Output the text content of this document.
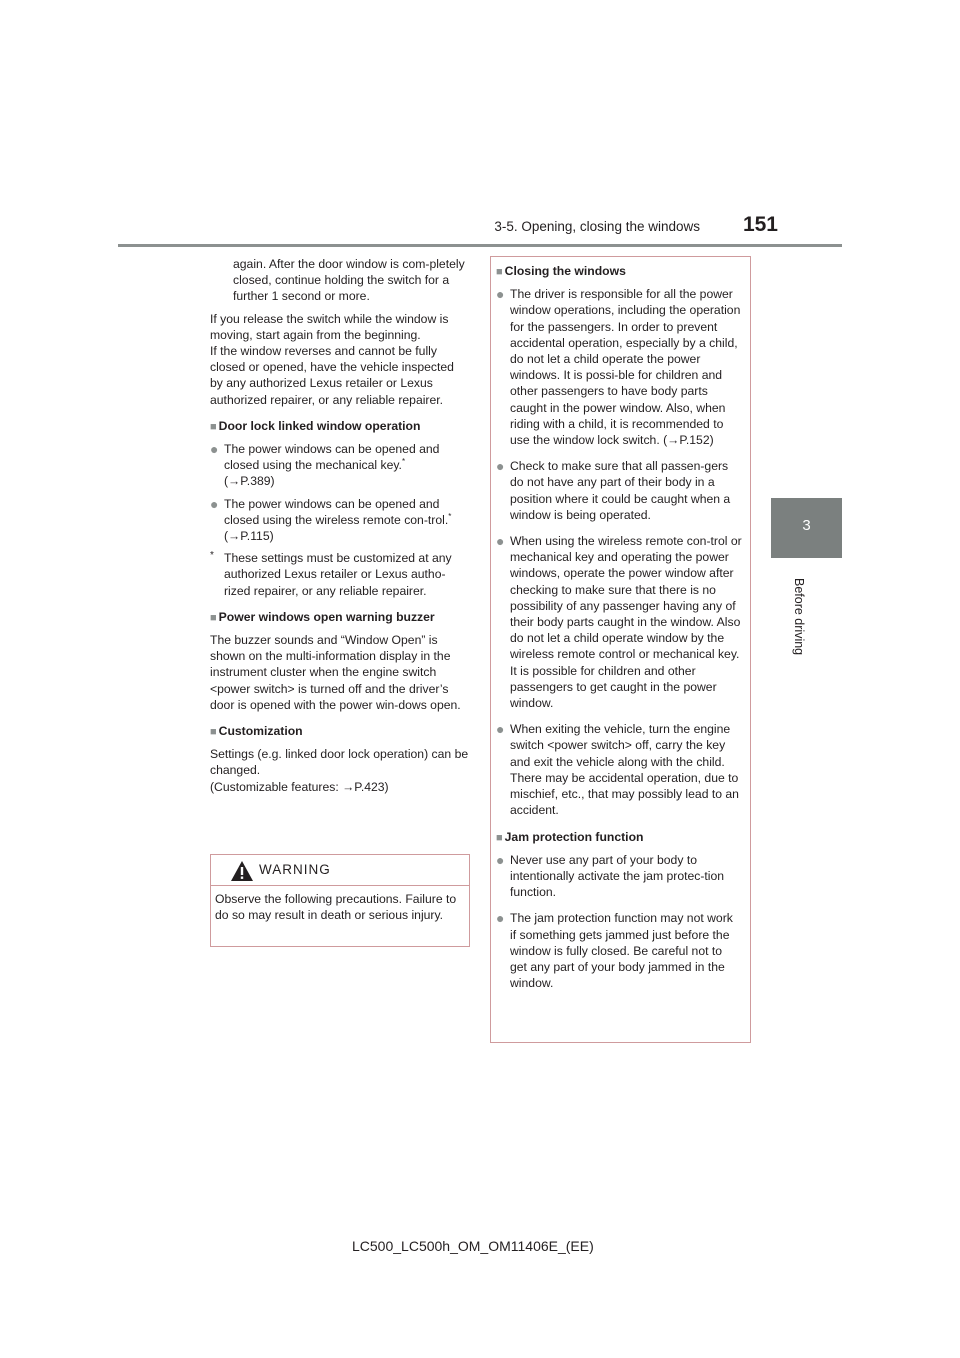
3-5. Opening, closing the windows 151
3
Before driving

again. After the door window is com-pletely closed, continue holding the switch for a further 1 second or more.

If you release the switch while the window is moving, start again from the beginning.

If the window reverses and cannot be fully closed or opened, have the vehicle inspected by any authorized Lexus retailer or Lexus authorized repairer, or any reliable repairer.

■ Door lock linked window operation

● The power windows can be opened and closed using the mechanical key.*
(→P.389)
● The power windows can be opened and closed using the wireless remote con-trol.* (→P.115)
* These settings must be customized at any authorized Lexus retailer or Lexus autho-rized repairer, or any reliable repairer.

■ Power windows open warning buzzer

The buzzer sounds and “Window Open” is shown on the multi-information display in the instrument cluster when the engine switch <power switch> is turned off and the driver’s door is opened with the power win-dows open.

■ Customization

Settings (e.g. linked door lock operation) can be changed.

(Customizable features: →P.423)

WARNING
Observe the following precautions. Failure to do so may result in death or serious injury.

■ Closing the windows

● The driver is responsible for all the power window operations, including the operation for the passengers. In order to prevent accidental operation, especially by a child, do not let a child operate the power windows. It is possi-ble for children and other passengers to have body parts caught in the power window. Also, when riding with a child, it is recommended to use the window lock switch. (→P.152)
● Check to make sure that all passen-gers do not have any part of their body in a position where it could be caught when a window is being operated.
● When using the wireless remote con-trol or mechanical key and operating the power windows, operate the power window after checking to make sure that there is no possibility of any passenger having any of their body parts caught in the window. Also do not let a child operate window by the wireless remote control or mechanical key. It is possible for children and other passengers to get caught in the power window.
● When exiting the vehicle, turn the engine switch <power switch> off, carry the key and exit the vehicle along with the child. There may be accidental operation, due to mischief, etc., that may possibly lead to an accident.

■ Jam protection function

● Never use any part of your body to intentionally activate the jam protec-tion function.
● The jam protection function may not work if something gets jammed just before the window is fully closed. Be careful not to get any part of your body jammed in the window.
LC500_LC500h_OM_OM11406E_(EE)
